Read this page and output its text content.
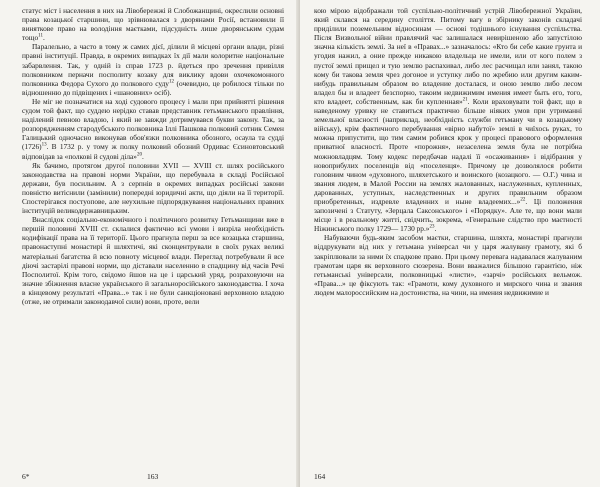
статус міст і населення в них на Лівобережжі й Слобожанщині, окреслили основні права козацької старшини, що зрівнювалася з дворянами Росії, встановили її виняткове право на володіння маєтками, підсудність лише дворянським судам тощо$^{11}$.

Паралельно, а часто в тому ж самих дієї, ділили й місцеві органи влади, різні правні інституції. Правда, в окремих випадках їх дії мали колоритне національне забарвлення. Так, у одній із справ 1723 р. йдеться про зречення привілля полковником перначи посполиту козаку для виклику вдови охочекомонного полковника Федора Сухого до полкового суду$^{12}$ (очевидно, це робилося тільки по відношенню до підвіщених і «шановних» осіб).

Не міг не позначатися на ході судового процесу і мали при прийнятті рішення судом той факт, що суддею нерідко ставав представник гетьманського правління, наділений певною владою, і який не завжди дотримувався букви закону. Так, за розпорядженням стародубського полковника Іллі Пашкова полковий сотник Семен Галицький одночасно виконував обов'язки полковника обозного, осаула та судді $(1726)^{13}$. В 1732 р. у тому ж полку полковий обозний Ордивас Єсиновтовський відповідав за «полкові й судові діла»$^{20}$.

Як бачимо, протягом другої половини XVII — XVIII ст. шлях російського законодавства на правові норми України, що перебувала в складі Російської держави, був посильним. А з серпнів в окремих випадках російські закони повністю витіснили (замінили) попередні юридичні акти, що діяли на її території. Спостерігався постуопове, але неухильне підпорядкування національних правних інституцій великодержавницьким.

Внаслідок соціально-економічного і політичного розвитку Гетьманщини вже в першій половині XVIII ст. склалися фактично всі умови і визріла необхідність кодифікації права на її території. Цього прагнула перш за все козацька старшина, правонаступні монастирі й шляхтичі, які сконцентрували в своїх руках великі матеріальні багатства й всю повноту місцевої влади. Переглад потребували й все діючі застарілі правові норми, що діставали населенню в спадщину від часів Речі Посполитої. Крім того, свідомо йшов на це і царський уряд, розраховуючи на значне збіжнення власне українського й загальноросійського законодавства. І хоча в кінцевому результаті «Права...» так і не були санкціоновані верховною владою (отже, не отримали законодавчої сили) вони, проте, вели

6*	163

кою мірою відображали той суспільно-політичний устрій Лівобережної України, який склався на середину століття. Питому вагу в збірнику законів складачі приділили поземельним відносинам — основі тодішнього існування суспільства. Після Визвольної війни правлячий час залишалася невирішеною або запустілою значна кількість землі. За неї в «Правах...» зазначалось: «Кто би себе какие грунта и угодия нажил, а оние прежде никакою владельца не имели, или от кого полем з пустої землі прищел и тую землю распахивал, либо лес расчищал или занял, такою кому би такова земля чрез догоное и уступку либо по жребию или другим каким-нибудь правильным образом во владение досталася, и оною землю либо лесом владел бы и владеет безспорно, такоим недвижимим имения имеет быть его, того, кто владеет, собственным, как би купленная»$^{21}$. Коли враховувати той факт, що в наведеному уривку не ставиться практично більше ніяких умов при утриманні земельної власності (наприклад, необхідність служби гетьману чи в козацькому війську), крім фактичного перебування «вірно набутої» землі в чиїхось руках, то можна припустити, що тим самим робився крок у процесі правового оформлення приватної власності. Проте «порожня», незаселена земля була не потрібна можновладцям. Тому кодекс передбачав надалі її «осаживання» і відібрання у новоприбулих поселенців від «поселенця». Причому це дозволялося робити головним чином «духовного, шляхетського и воинского (козацкого. — О.Г.) чина и звания людем, в Малой России на землях жалованных, наслуженных, купленных, дарованных, уступных, наследственных и других правильним образом приобретенных, издревле владенних и ныне владеемих...»$^{22}$. Ці положення запозичені з Статуту, «Зерцала Саксонського» і «Порядку». Але те, що вони мали місце і в реальному житті, свідчить, зокрема, «Генеральне слідство про маєтності Ніжинського полку 1729— 1730 рр.»$^{23}$.

Набуваючи будь-яким засобом маєтки, старшина, шляхта, монастирі прагнули віддрукувати від них у гетьмана універсал чи у царя жалувану грамоту, які б закріплювали за ними їх спадкове право. При цьому перевага надавалася жалуваним грамотам царя як верховного сюзерена. Вони вважалися більшою гарантією, ніж гетьманські універсали, полковницькі «листи», «зарчі» російських вельмож. «Права...» це фіксують так: «Грамоти, кому духовного и мирского чина и звания людем малороссийским на достоинства, на чини, на имения недвижимие и

164
